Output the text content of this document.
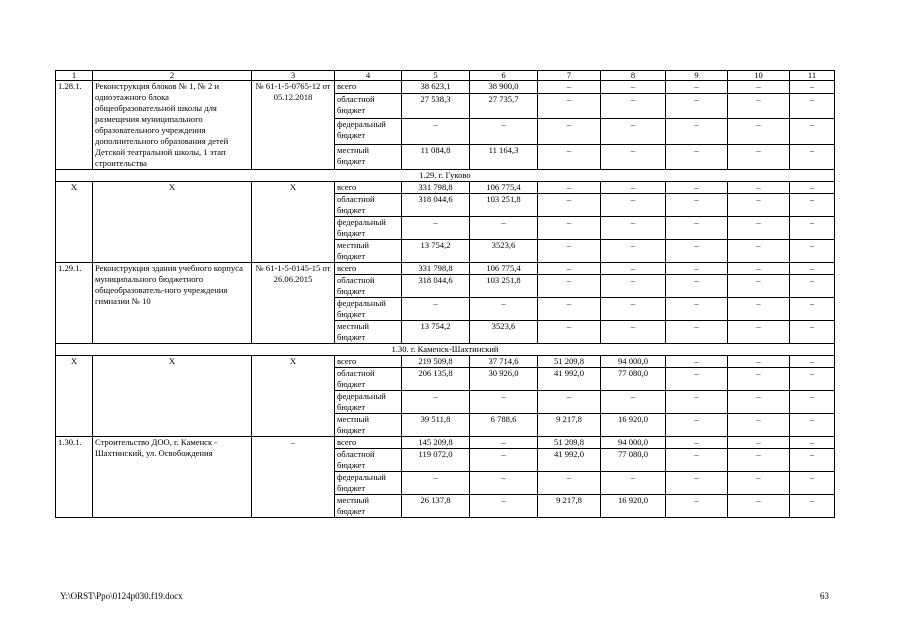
1	2	3	4	5	6	7	8	9	10	11
1.28.1.	Реконструкция блоков № 1, № 2 и одноэтажного блока общеобразовательной школы для размещения муниципального образовательного учреждения дополнительного образования детей Детской театральной школы, 1 этап строительства	№ 61-1-5-0765-12 от 05.12.2018	всего	38 623,1	38 900,0	–	–	–	–	–
			областной бюджет	27 538,3	27 735,7	–	–	–	–	–
			федеральный бюджет	–	–	–	–	–	–	–
			местный бюджет	11 084,8	11 164,3	–	–	–	–	–
1.29. г. Гуково										
X	X	X	всего	331 798,8	106 775,4	–	–	–	–	–
			областной бюджет	318 044,6	103 251,8	–	–	–	–	–
			федеральный бюджет	–	–	–	–	–	–	–
			местный бюджет	13 754,2	3523,6	–	–	–	–	–
1.29.1.	Реконструкция здания учебного корпуса муниципального бюджетного общеобразователь-ного учреждения гимназии № 10	№ 61-1-5-0145-15 от 26.06.2015	всего	331 798,8	106 775,4	–	–	–	–	–
			областной бюджет	318 044,6	103 251,8	–	–	–	–	–
			федеральный бюджет	–	–	–	–	–	–	–
			местный бюджет	13 754,2	3523,6	–	–	–	–	–
1.30. г. Каменск-Шахтинский										
X	X	X	всего	219 509,8	37 714,6	51 209,8	94 000,0	–	–	–
			областной бюджет	206 135,8	30 926,0	41 992,0	77 080,0	–	–	–
			федеральный бюджет	–	–	–	–	–	–	–
			местный бюджет	39 511,8	6 788,6	9 217,8	16 920,0	–	–	–
1.30.1.	Строительство ДОО, г. Каменск - Шахтинский, ул. Освобождения	–	всего	145 209,8	–	51 209,8	94 000,0	–	–	–
			областной бюджет	119 072,0	–	41 992,0	77 080,0	–	–	–
			федеральный бюджет	–	–	–	–	–	–	–
			местный бюджет	26 137,8	–	9 217,8	16 920,0	–	–	–
Y:\ORST\Ppo\0124p030.f19.docx	63
